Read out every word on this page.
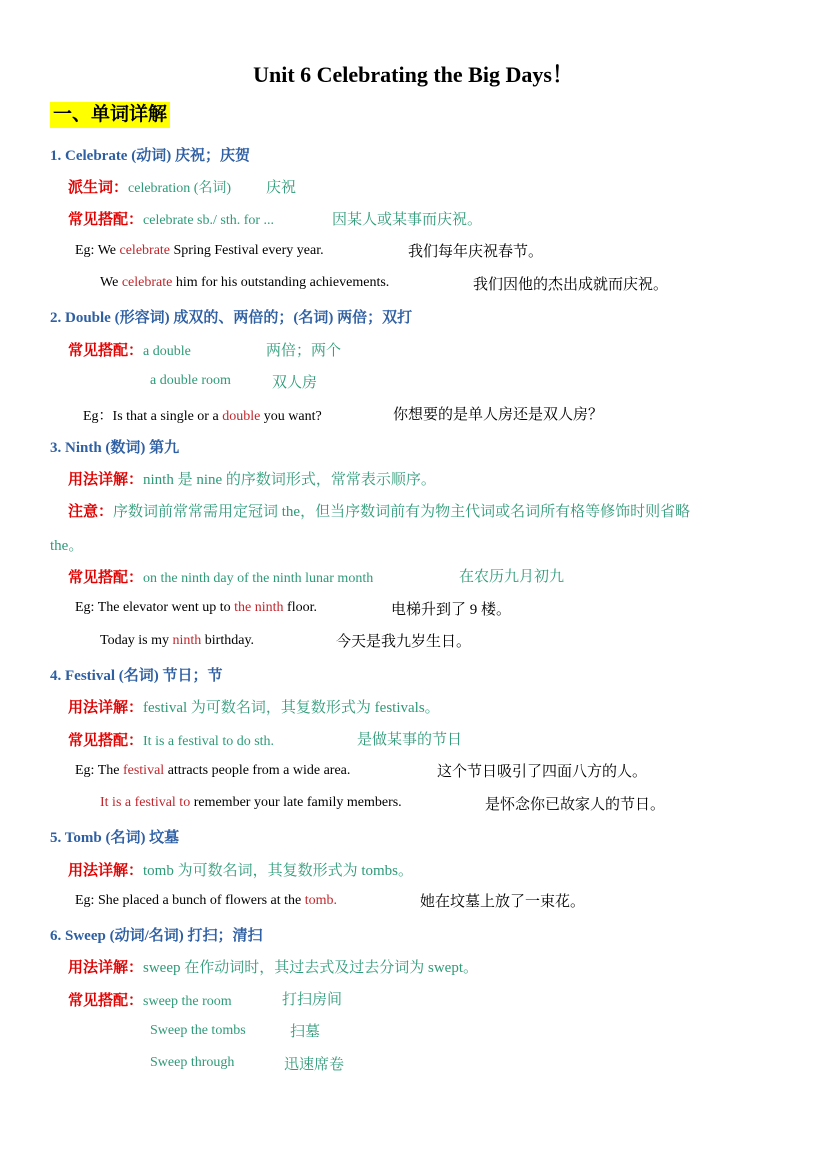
Unit 6 Celebrating the Big Days！
一、单词详解
1. Celebrate (动词) 庆祝；庆贺
派生词：celebration (名词) 庆祝
常见搭配：celebrate sb./ sth. for ...	因某人或某事而庆祝。
Eg: We celebrate Spring Festival every year.	我们每年庆祝春节。
We celebrate him for his outstanding achievements.	我们因他的杰出成就而庆祝。
2. Double (形容词) 成双的、两倍的；(名词) 两倍；双打
常见搭配：a double	两倍；两个
a double room	双人房
Eg：Is that a single or a double you want?	你想要的是单人房还是双人房？
3. Ninth (数词) 第九
用法详解：ninth 是 nine 的序数词形式，常常表示顺序。
注意：序数词前常常需用定冠词 the，但当序数词前有为物主代词或名词所有格等修饰时则省略
the。
常见搭配：on the ninth day of the ninth lunar month	在农历九月初九
Eg: The elevator went up to the ninth floor.	电梯升到了 9 楼。
Today is my ninth birthday.	今天是我九岁生日。
4. Festival (名词) 节日；节
用法详解：festival 为可数名词，其复数形式为 festivals。
常见搭配：It is a festival to do sth.	是做某事的节日
Eg: The festival attracts people from a wide area.	这个节日吸引了四面八方的人。
It is a festival to remember your late family members.	是怀念你已故家人的节日。
5. Tomb (名词) 坟墓
用法详解：tomb 为可数名词，其复数形式为 tombs。
Eg: She placed a bunch of flowers at the tomb.	她在坟墓上放了一束花。
6. Sweep (动词/名词) 打扫；清扫
用法详解：sweep 在作动词时，其过去式及过去分词为 swept。
常见搭配：sweep the room	打扫房间
Sweep the tombs	扫墓
Sweep through	迅速席卷
